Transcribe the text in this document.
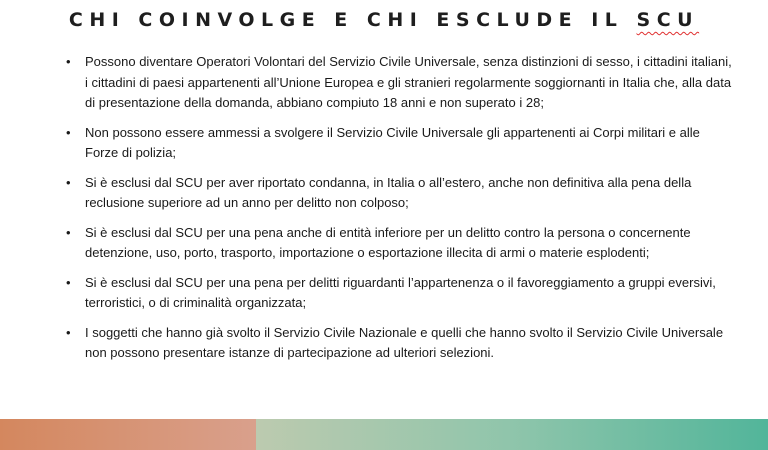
CHI COINVOLGE E CHI ESCLUDE IL SCU
• Possono diventare Operatori Volontari del Servizio Civile Universale, senza distinzioni di sesso, i cittadini italiani, i cittadini di paesi appartenenti all’Unione Europea e gli stranieri regolarmente soggiornanti in Italia che, alla data di presentazione della domanda, abbiano compiuto 18 anni e non superato i 28;
• Non possono essere ammessi a svolgere il Servizio Civile Universale gli appartenenti ai Corpi militari e alle Forze di polizia;
• Si è esclusi dal SCU per aver riportato condanna, in Italia o all’estero, anche non definitiva alla pena della reclusione superiore ad un anno per delitto non colposo;
• Si è esclusi dal SCU per una pena anche di entità inferiore per un delitto contro la persona o concernente detenzione, uso, porto, trasporto, importazione o esportazione illecita di armi o materie esplodenti;
• Si è esclusi dal SCU per una pena per delitti riguardanti l’appartenenza o il favoreggiamento a gruppi eversivi, terroristici, o di criminalità organizzata;
• I soggetti che hanno già svolto il Servizio Civile Nazionale e quelli che hanno svolto il Servizio Civile Universale non possono presentare istanze di partecipazione ad ulteriori selezioni.
